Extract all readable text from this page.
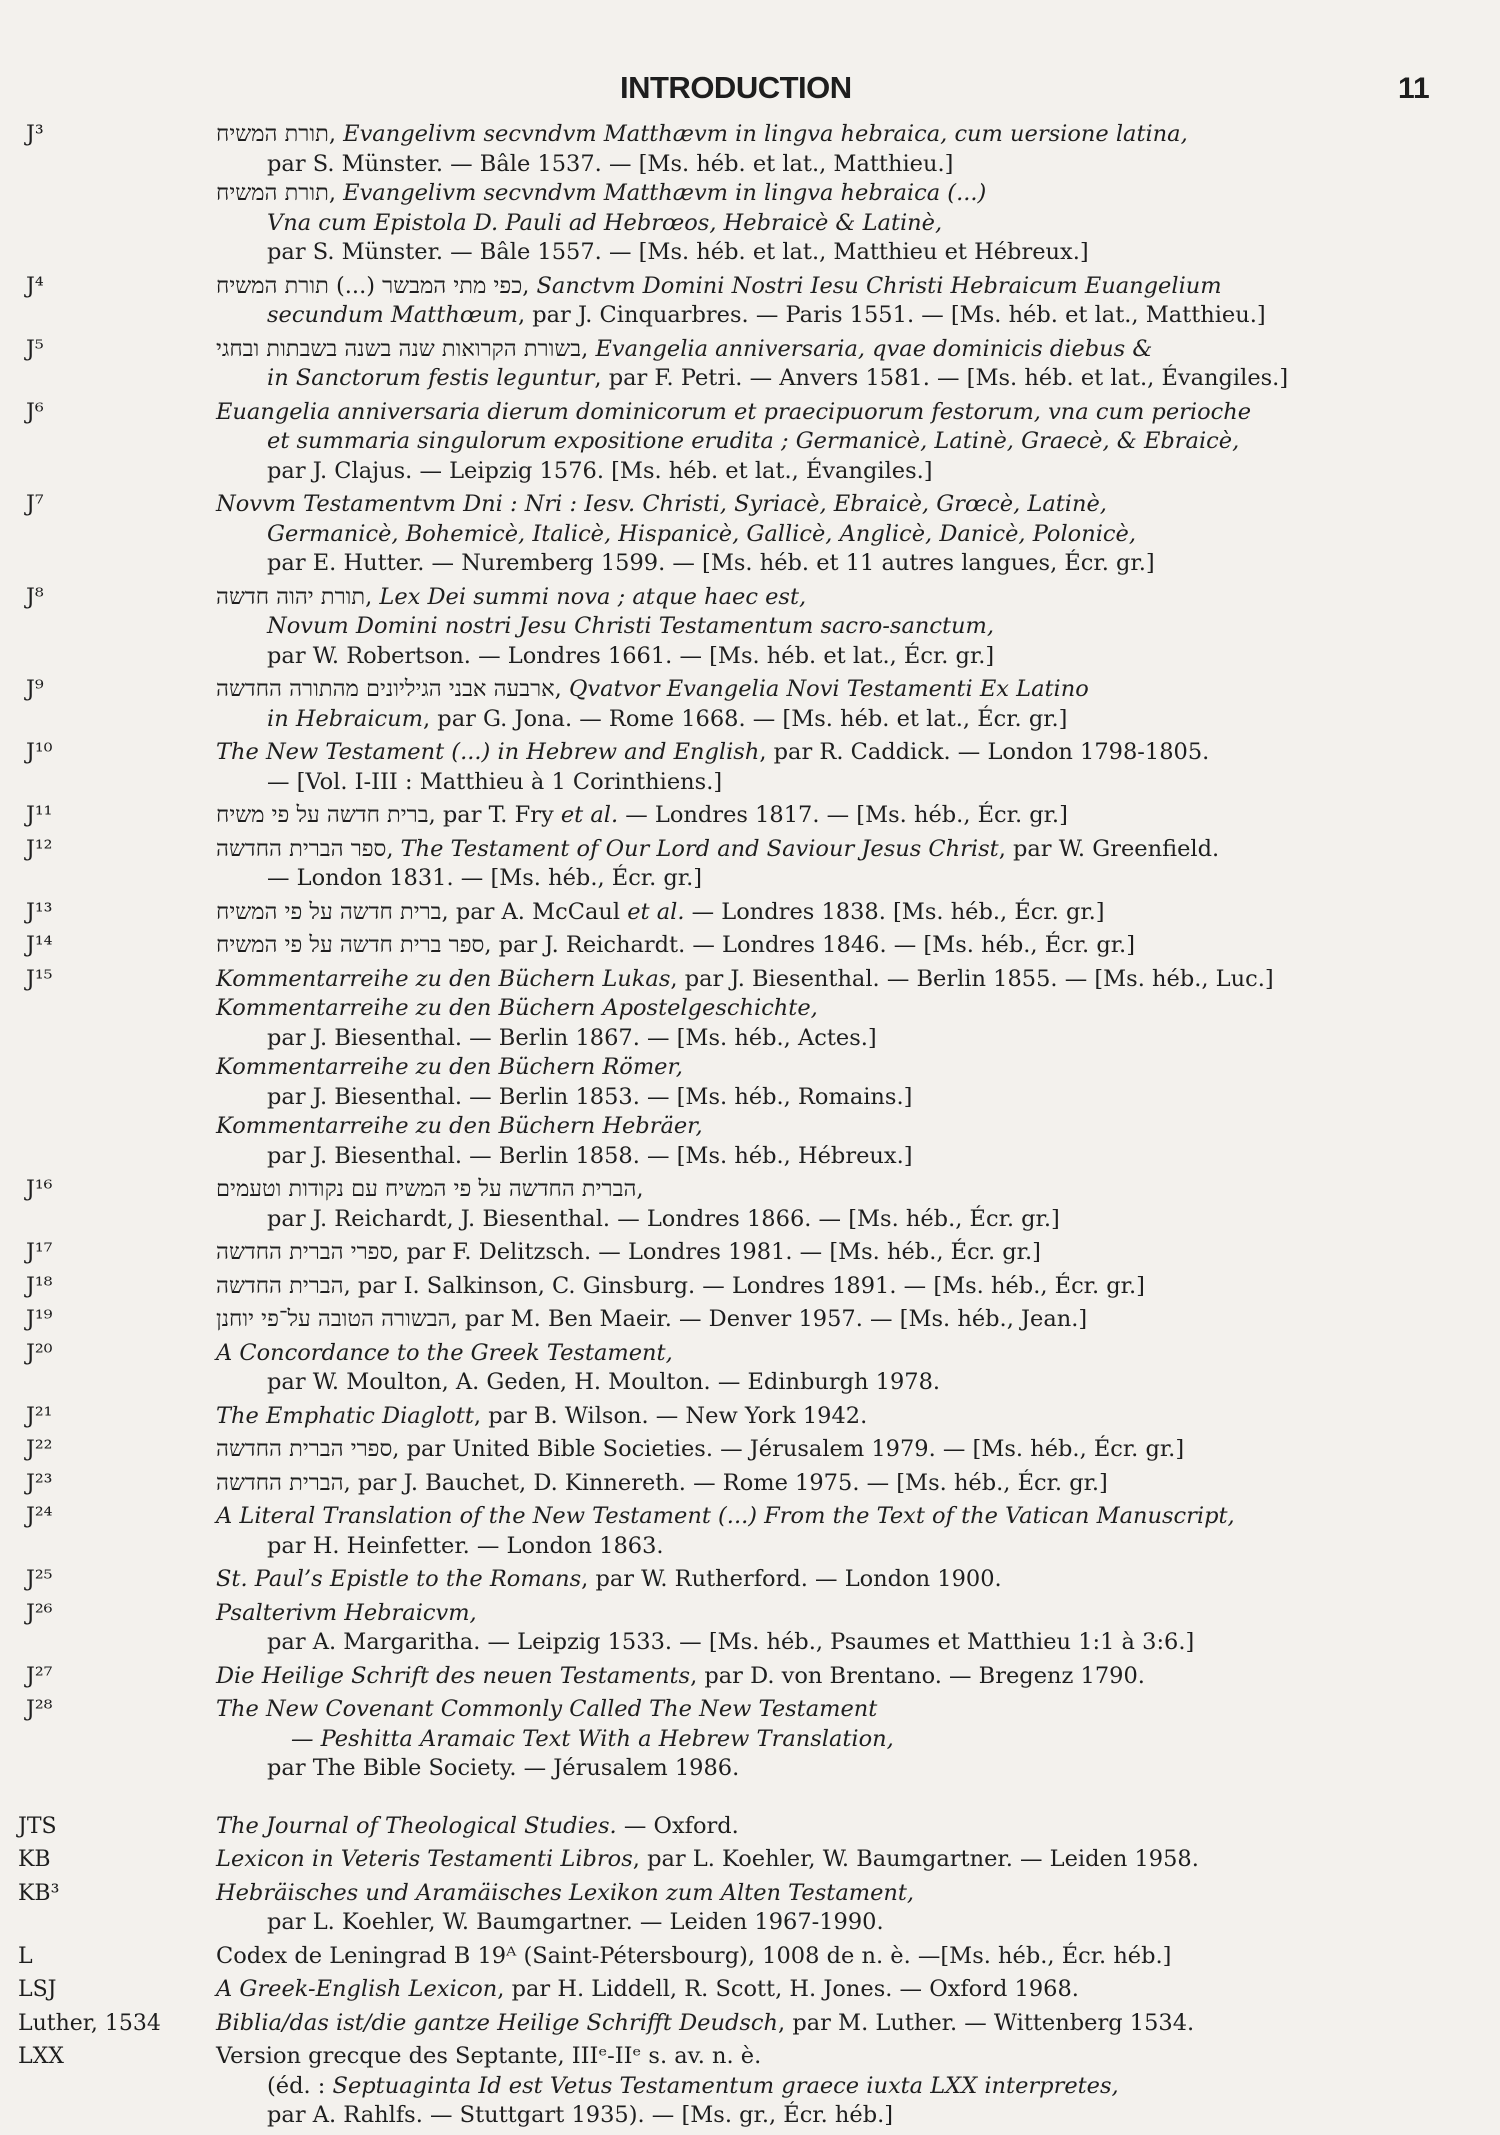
INTRODUCTION	11
J³	תורת המשיח, Evangelivm secvndvm Matthævm in lingva hebraica, cum uersione latina,
par S. Münster. — Bâle 1537. — [Ms. héb. et lat., Matthieu.]
תורת המשיח, Evangelivm secvndvm Matthævm in lingva hebraica (...)
Vna cum Epistola D. Pauli ad Hebrœos, Hebraicè & Latinè,
par S. Münster. — Bâle 1557. — [Ms. héb. et lat., Matthieu et Hébreux.]
J⁴	כפי מתי המבשר (...) תורת המשיח, Sanctvm Domini Nostri Iesu Christi Hebraicum Euangelium
secundum Matthœum, par J. Cinquarbres. — Paris 1551. — [Ms. héb. et lat., Matthieu.]
J⁵	בשורת הקרואות שנה בשנה בשבתות ובחגי, Evangelia anniversaria, qvae dominicis diebus &
in Sanctorum festis leguntur, par F. Petri. — Anvers 1581. — [Ms. héb. et lat., Évangiles.]
J⁶	Euangelia anniversaria dierum dominicorum et praecipuorum festorum, vna cum perioche
et summaria singulorum expositione erudita ; Germanicè, Latinè, Graecè, & Ebraicè,
par J. Clajus. — Leipzig 1576. [Ms. héb. et lat., Évangiles.]
J⁷	Novvm Testamentvm Dni : Nri : Iesv. Christi, Syriacè, Ebraicè, Grœcè, Latinè,
Germanicè, Bohemicè, Italicè, Hispanicè, Gallicè, Anglicè, Danicè, Polonicè,
par E. Hutter. — Nuremberg 1599. — [Ms. héb. et 11 autres langues, Écr. gr.]
J⁸	תורת יהוה חדשה, Lex Dei summi nova ; atque haec est,
Novum Domini nostri Jesu Christi Testamentum sacro-sanctum,
par W. Robertson. — Londres 1661. — [Ms. héb. et lat., Écr. gr.]
J⁹	ארבעה אבני הגיליונים מהתורה החדשה, Qvatvor Evangelia Novi Testamenti Ex Latino
in Hebraicum, par G. Jona. — Rome 1668. — [Ms. héb. et lat., Écr. gr.]
J¹⁰	The New Testament (...) in Hebrew and English, par R. Caddick. — London 1798-1805.
— [Vol. I-III : Matthieu à 1 Corinthiens.]
J¹¹	ברית חדשה על פי משיח, par T. Fry et al. — Londres 1817. — [Ms. héb., Écr. gr.]
J¹²	ספר הברית החדשה, The Testament of Our Lord and Saviour Jesus Christ, par W. Greenfield.
— London 1831. — [Ms. héb., Écr. gr.]
J¹³	ברית חדשה על פי המשיח, par A. McCaul et al. — Londres 1838. [Ms. héb., Écr. gr.]
J¹⁴	ספר ברית חדשה על פי המשיח, par J. Reichardt. — Londres 1846. — [Ms. héb., Écr. gr.]
J¹⁵	Kommentarreihe zu den Büchern Lukas, par J. Biesenthal. — Berlin 1855. — [Ms. héb., Luc.]
Kommentarreihe zu den Büchern Apostelgeschichte,
par J. Biesenthal. — Berlin 1867. — [Ms. héb., Actes.]
Kommentarreihe zu den Büchern Römer,
par J. Biesenthal. — Berlin 1853. — [Ms. héb., Romains.]
Kommentarreihe zu den Büchern Hebräer,
par J. Biesenthal. — Berlin 1858. — [Ms. héb., Hébreux.]
J¹⁶	הברית החדשה על פי המשיח עם נקודות וטעמים,
par J. Reichardt, J. Biesenthal. — Londres 1866. — [Ms. héb., Écr. gr.]
J¹⁷	ספרי הברית החדשה, par F. Delitzsch. — Londres 1981. — [Ms. héb., Écr. gr.]
J¹⁸	הברית החדשה, par I. Salkinson, C. Ginsburg. — Londres 1891. — [Ms. héb., Écr. gr.]
J¹⁹	הבשורה הטובה על־פי יוחנן, par M. Ben Maeir. — Denver 1957. — [Ms. héb., Jean.]
J²⁰	A Concordance to the Greek Testament,
par W. Moulton, A. Geden, H. Moulton. — Edinburgh 1978.
J²¹	The Emphatic Diaglott, par B. Wilson. — New York 1942.
J²²	ספרי הברית החדשה, par United Bible Societies. — Jérusalem 1979. — [Ms. héb., Écr. gr.]
J²³	הברית החדשה, par J. Bauchet, D. Kinnereth. — Rome 1975. — [Ms. héb., Écr. gr.]
J²⁴	A Literal Translation of the New Testament (...) From the Text of the Vatican Manuscript,
par H. Heinfetter. — London 1863.
J²⁵	St. Paul’s Epistle to the Romans, par W. Rutherford. — London 1900.
J²⁶	Psalterivm Hebraicvm,
par A. Margaritha. — Leipzig 1533. — [Ms. héb., Psaumes et Matthieu 1:1 à 3:6.]
J²⁷	Die Heilige Schrift des neuen Testaments, par D. von Brentano. — Bregenz 1790.
J²⁸	The New Covenant Commonly Called The New Testament
— Peshitta Aramaic Text With a Hebrew Translation,
par The Bible Society. — Jérusalem 1986.
JTS	The Journal of Theological Studies. — Oxford.
KB	Lexicon in Veteris Testamenti Libros, par L. Koehler, W. Baumgartner. — Leiden 1958.
KB³	Hebräisches und Aramäisches Lexikon zum Alten Testament,
par L. Koehler, W. Baumgartner. — Leiden 1967-1990.
L	Codex de Leningrad B 19ᴬ (Saint-Pétersbourg), 1008 de n. è. —[Ms. héb., Écr. héb.]
LSJ	A Greek-English Lexicon, par H. Liddell, R. Scott, H. Jones. — Oxford 1968.
Luther, 1534 Biblia/das ist/die gantze Heilige Schrifft Deudsch, par M. Luther. — Wittenberg 1534.
LXX	Version grecque des Septante, IIIᵉ-IIᵉ s. av. n. è.
(éd. : Septuaginta Id est Vetus Testamentum graece iuxta LXX interpretes,
par A. Rahlfs. — Stuttgart 1935). — [Ms. gr., Écr. héb.]
